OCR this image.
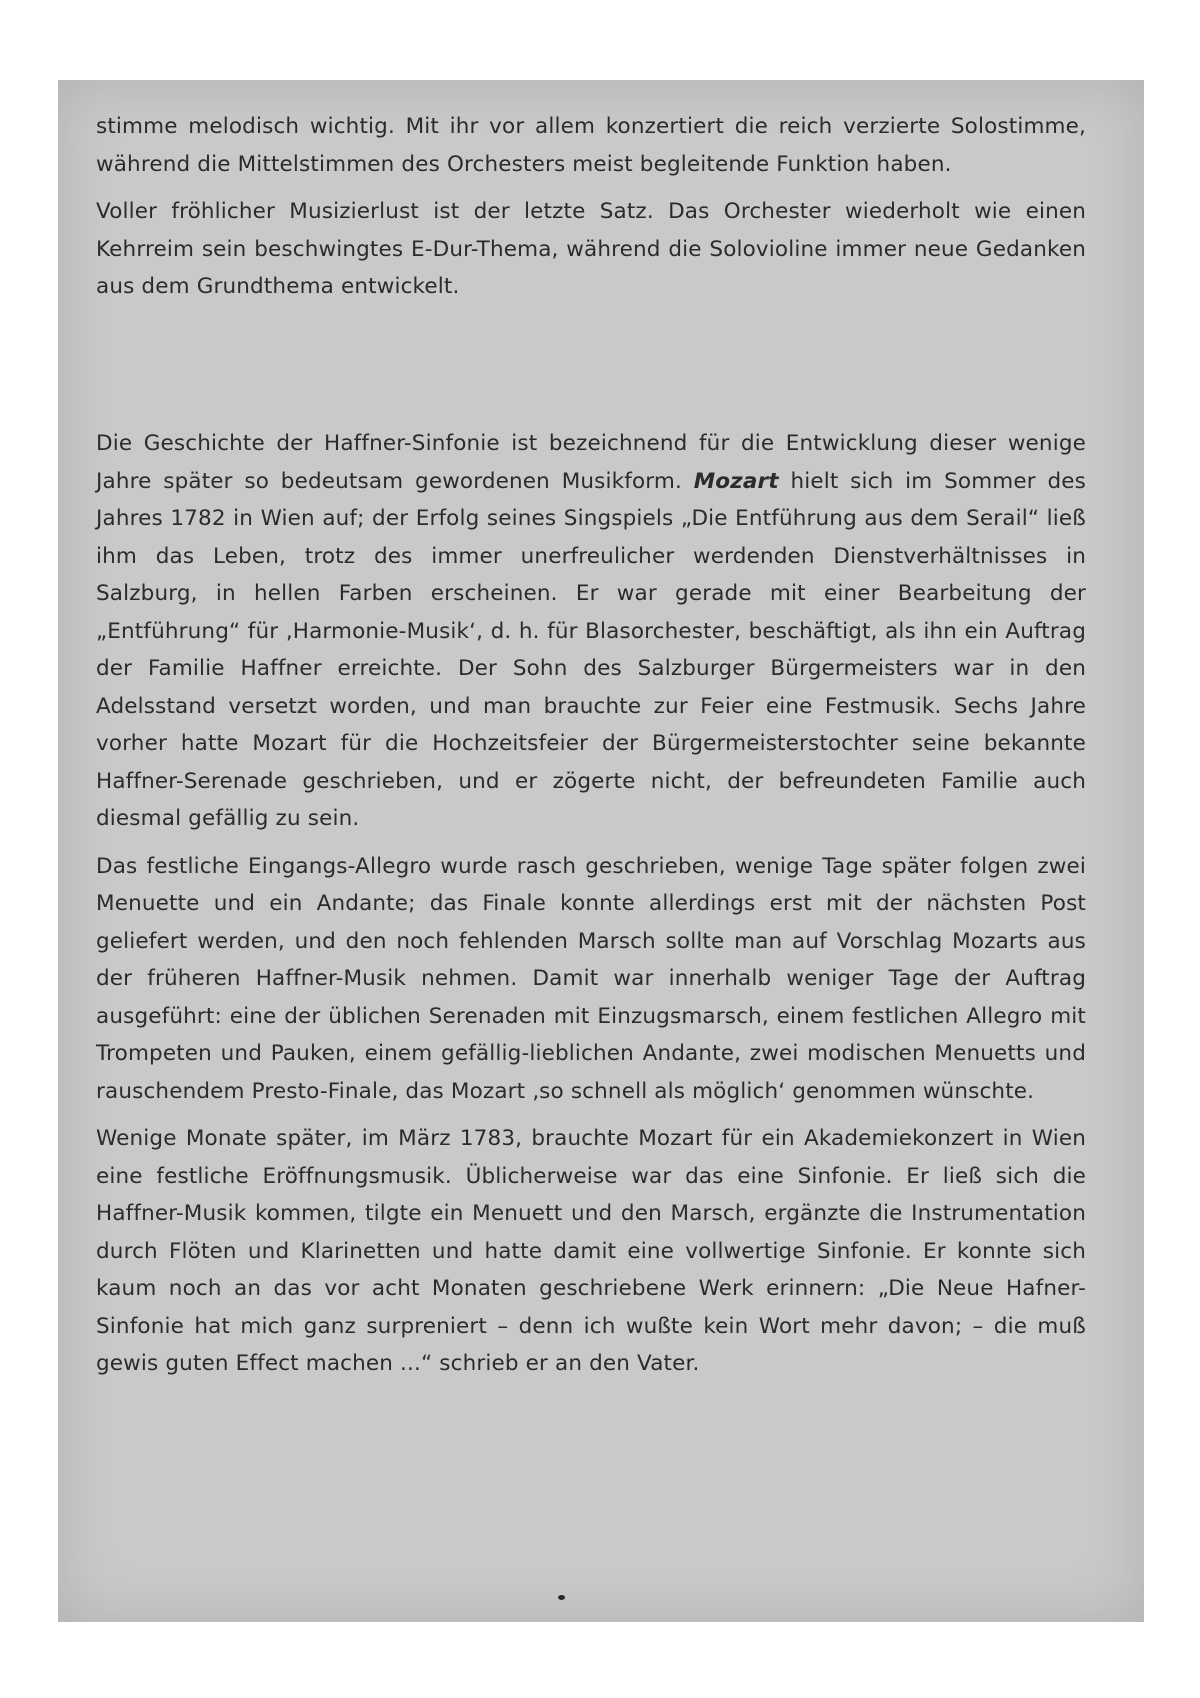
stimme melodisch wichtig. Mit ihr vor allem konzertiert die reich verzierte Solostimme, während die Mittelstimmen des Orchesters meist begleitende Funktion haben.

Voller fröhlicher Musizierlust ist der letzte Satz. Das Orchester wiederholt wie einen Kehrreim sein beschwingtes E-Dur-Thema, während die Solovioline immer neue Gedanken aus dem Grundthema entwickelt.

Die Geschichte der Haffner-Sinfonie ist bezeichnend für die Entwicklung dieser wenige Jahre später so bedeutsam gewordenen Musikform. Mozart hielt sich im Sommer des Jahres 1782 in Wien auf; der Erfolg seines Singspiels „Die Entführung aus dem Serail“ ließ ihm das Leben, trotz des immer unerfreulicher werdenden Dienstverhältnisses in Salzburg, in hellen Farben erscheinen. Er war gerade mit einer Bearbeitung der „Entführung“ für ‚Harmonie-Musik‘, d. h. für Blasorchester, beschäftigt, als ihn ein Auftrag der Familie Haffner erreichte. Der Sohn des Salzburger Bürgermeisters war in den Adelsstand versetzt worden, und man brauchte zur Feier eine Festmusik. Sechs Jahre vorher hatte Mozart für die Hochzeitsfeier der Bürgermeisterstochter seine bekannte Haffner-Serenade geschrieben, und er zögerte nicht, der befreundeten Familie auch diesmal gefällig zu sein.

Das festliche Eingangs-Allegro wurde rasch geschrieben, wenige Tage später folgen zwei Menuette und ein Andante; das Finale konnte allerdings erst mit der nächsten Post geliefert werden, und den noch fehlenden Marsch sollte man auf Vorschlag Mozarts aus der früheren Haffner-Musik nehmen. Damit war innerhalb weniger Tage der Auftrag ausgeführt: eine der üblichen Serenaden mit Einzugsmarsch, einem festlichen Allegro mit Trompeten und Pauken, einem gefällig-lieblichen Andante, zwei modischen Menuetts und rauschendem Presto-Finale, das Mozart ‚so schnell als möglich‘ genommen wünschte.

Wenige Monate später, im März 1783, brauchte Mozart für ein Akademiekonzert in Wien eine festliche Eröffnungsmusik. Üblicherweise war das eine Sinfonie. Er ließ sich die Haffner-Musik kommen, tilgte ein Menuett und den Marsch, ergänzte die Instrumentation durch Flöten und Klarinetten und hatte damit eine vollwertige Sinfonie. Er konnte sich kaum noch an das vor acht Monaten geschriebene Werk erinnern: „Die Neue Hafner-Sinfonie hat mich ganz surpreniert – denn ich wußte kein Wort mehr davon; – die muß gewis guten Effect machen ...“ schrieb er an den Vater.
